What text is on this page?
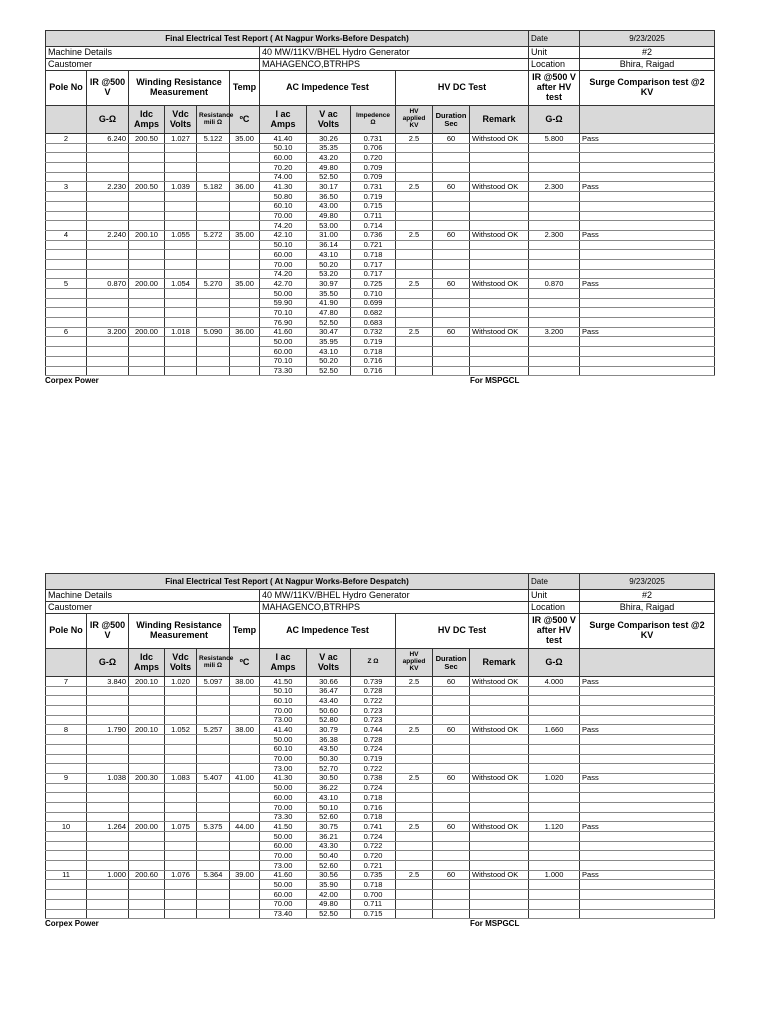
Final Electrical Test Report ( At Nagpur Works-Before Despatch)												Date	9/23/2025
Machine Details						40 MW/11KV/BHEL Hydro Generator						Unit	#2
Caustomer						MAHAGENCO,BTRHPS						Location	Bhira, Raigad
Pole No	IR @500 V	Winding Resistance Measurement			Temp	AC Impedence Test			HV DC Test			IR @500 V after HV test	Surge Comparison test @2 KV
	G-Ω	Idc Amps	Vdc Volts	Resistance mili Ω	ºC	I ac Amps	V ac Volts	Impedence Ω	HV applied KV	Duration Sec	Remark	G-Ω	
2	6.240	200.50	1.027	5.122	35.00	41.40	30.26	0.731	2.5	60	Withstood OK	5.800	Pass
						50.10	35.35	0.706					
						60.00	43.20	0.720					
						70.20	49.80	0.709					
						74.00	52.50	0.709					
3	2.230	200.50	1.039	5.182	36.00	41.30	30.17	0.731	2.5	60	Withstood OK	2.300	Pass
						50.80	36.50	0.719					
						60.10	43.00	0.715					
						70.00	49.80	0.711					
						74.20	53.00	0.714					
4	2.240	200.10	1.055	5.272	35.00	42.10	31.00	0.736	2.5	60	Withstood OK	2.300	Pass
						50.10	36.14	0.721					
						60.00	43.10	0.718					
						70.00	50.20	0.717					
						74.20	53.20	0.717					
5	0.870	200.00	1.054	5.270	35.00	42.70	30.97	0.725	2.5	60	Withstood OK	0.870	Pass
						50.00	35.50	0.710					
						59.90	41.90	0.699					
						70.10	47.80	0.682					
						76.90	52.50	0.683					
6	3.200	200.00	1.018	5.090	36.00	41.60	30.47	0.732	2.5	60	Withstood OK	3.200	Pass
						50.00	35.95	0.719					
						60.00	43.10	0.718					
						70.10	50.20	0.716					
						73.30	52.50	0.716					
Corpex Power	For MSPGCL
Final Electrical Test Report ( At Nagpur Works-Before Despatch)												Date	9/23/2025
Machine Details						40 MW/11KV/BHEL Hydro Generator						Unit	#2
Caustomer						MAHAGENCO,BTRHPS						Location	Bhira, Raigad
Pole No	IR @500 V	Winding Resistance Measurement			Temp	AC Impedence Test			HV DC Test			IR @500 V after HV test	Surge Comparison test @2 KV
	G-Ω	Idc Amps	Vdc Volts	Resistance mili Ω	ºC	I ac Amps	V ac Volts	Z Ω	HV applied KV	Duration Sec	Remark	G-Ω	
7	3.840	200.10	1.020	5.097	38.00	41.50	30.66	0.739	2.5	60	Withstood OK	4.000	Pass
						50.10	36.47	0.728					
						60.10	43.40	0.722					
						70.00	50.60	0.723					
						73.00	52.80	0.723					
8	1.790	200.10	1.052	5.257	38.00	41.40	30.79	0.744	2.5	60	Withstood OK	1.660	Pass
						50.00	36.38	0.728					
						60.10	43.50	0.724					
						70.00	50.30	0.719					
						73.00	52.70	0.722					
9	1.038	200.30	1.083	5.407	41.00	41.30	30.50	0.738	2.5	60	Withstood OK	1.020	Pass
						50.00	36.22	0.724					
						60.00	43.10	0.718					
						70.00	50.10	0.716					
						73.30	52.60	0.718					
10	1.264	200.00	1.075	5.375	44.00	41.50	30.75	0.741	2.5	60	Withstood OK	1.120	Pass
						50.00	36.21	0.724					
						60.00	43.30	0.722					
						70.00	50.40	0.720					
						73.00	52.60	0.721					
11	1.000	200.60	1.076	5.364	39.00	41.60	30.56	0.735	2.5	60	Withstood OK	1.000	Pass
						50.00	35.90	0.718					
						60.00	42.00	0.700					
						70.00	49.80	0.711					
						73.40	52.50	0.715					
Corpex Power	For MSPGCL
